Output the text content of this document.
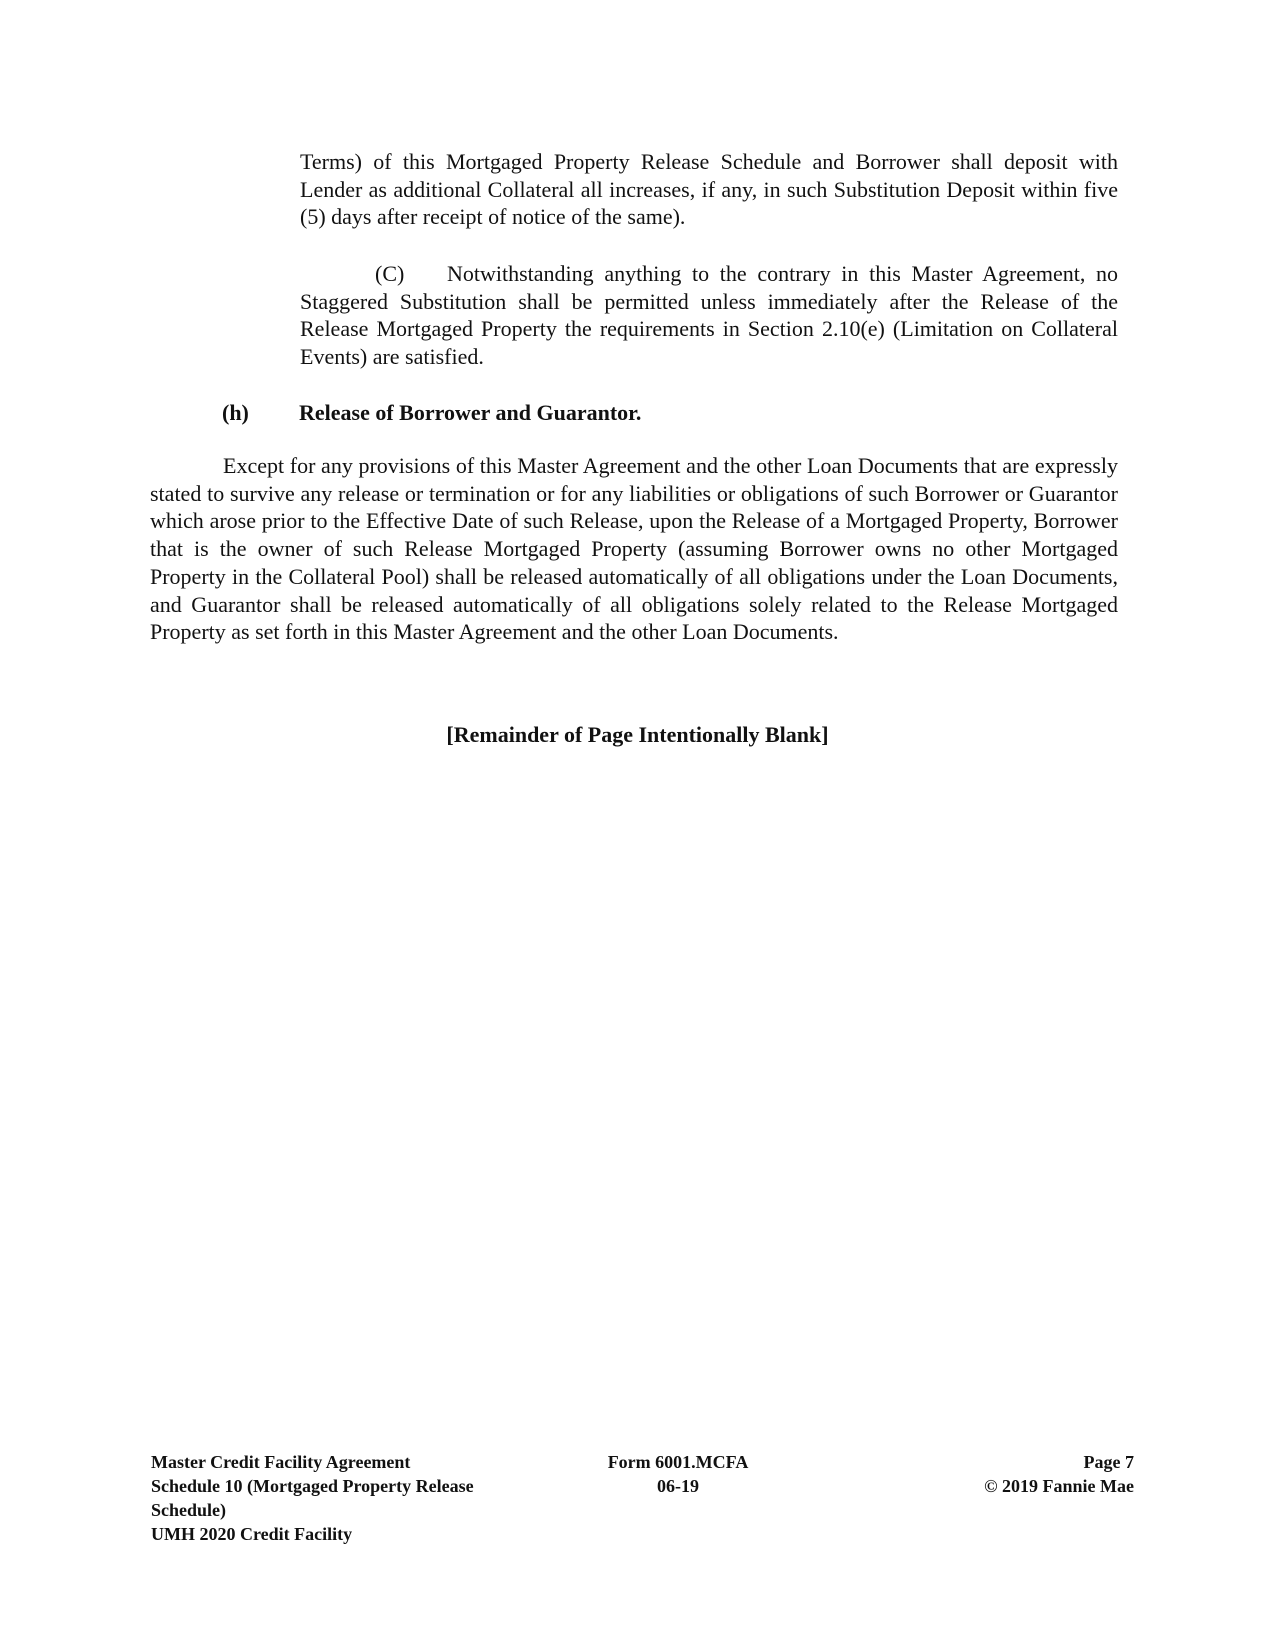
Terms) of this Mortgaged Property Release Schedule and Borrower shall deposit with Lender as additional Collateral all increases, if any, in such Substitution Deposit within five (5) days after receipt of notice of the same).

(C) Notwithstanding anything to the contrary in this Master Agreement, no Staggered Substitution shall be permitted unless immediately after the Release of the Release Mortgaged Property the requirements in Section 2.10(e) (Limitation on Collateral Events) are satisfied.

(h) Release of Borrower and Guarantor.

Except for any provisions of this Master Agreement and the other Loan Documents that are expressly stated to survive any release or termination or for any liabilities or obligations of such Borrower or Guarantor which arose prior to the Effective Date of such Release, upon the Release of a Mortgaged Property, Borrower that is the owner of such Release Mortgaged Property (assuming Borrower owns no other Mortgaged Property in the Collateral Pool) shall be released automatically of all obligations under the Loan Documents, and Guarantor shall be released automatically of all obligations solely related to the Release Mortgaged Property as set forth in this Master Agreement and the other Loan Documents.

[Remainder of Page Intentionally Blank]

Master Credit Facility Agreement
Schedule 10 (Mortgaged Property Release Schedule)
UMH 2020 Credit Facility
Form 6001.MCFA
06-19
Page 7
© 2019 Fannie Mae
